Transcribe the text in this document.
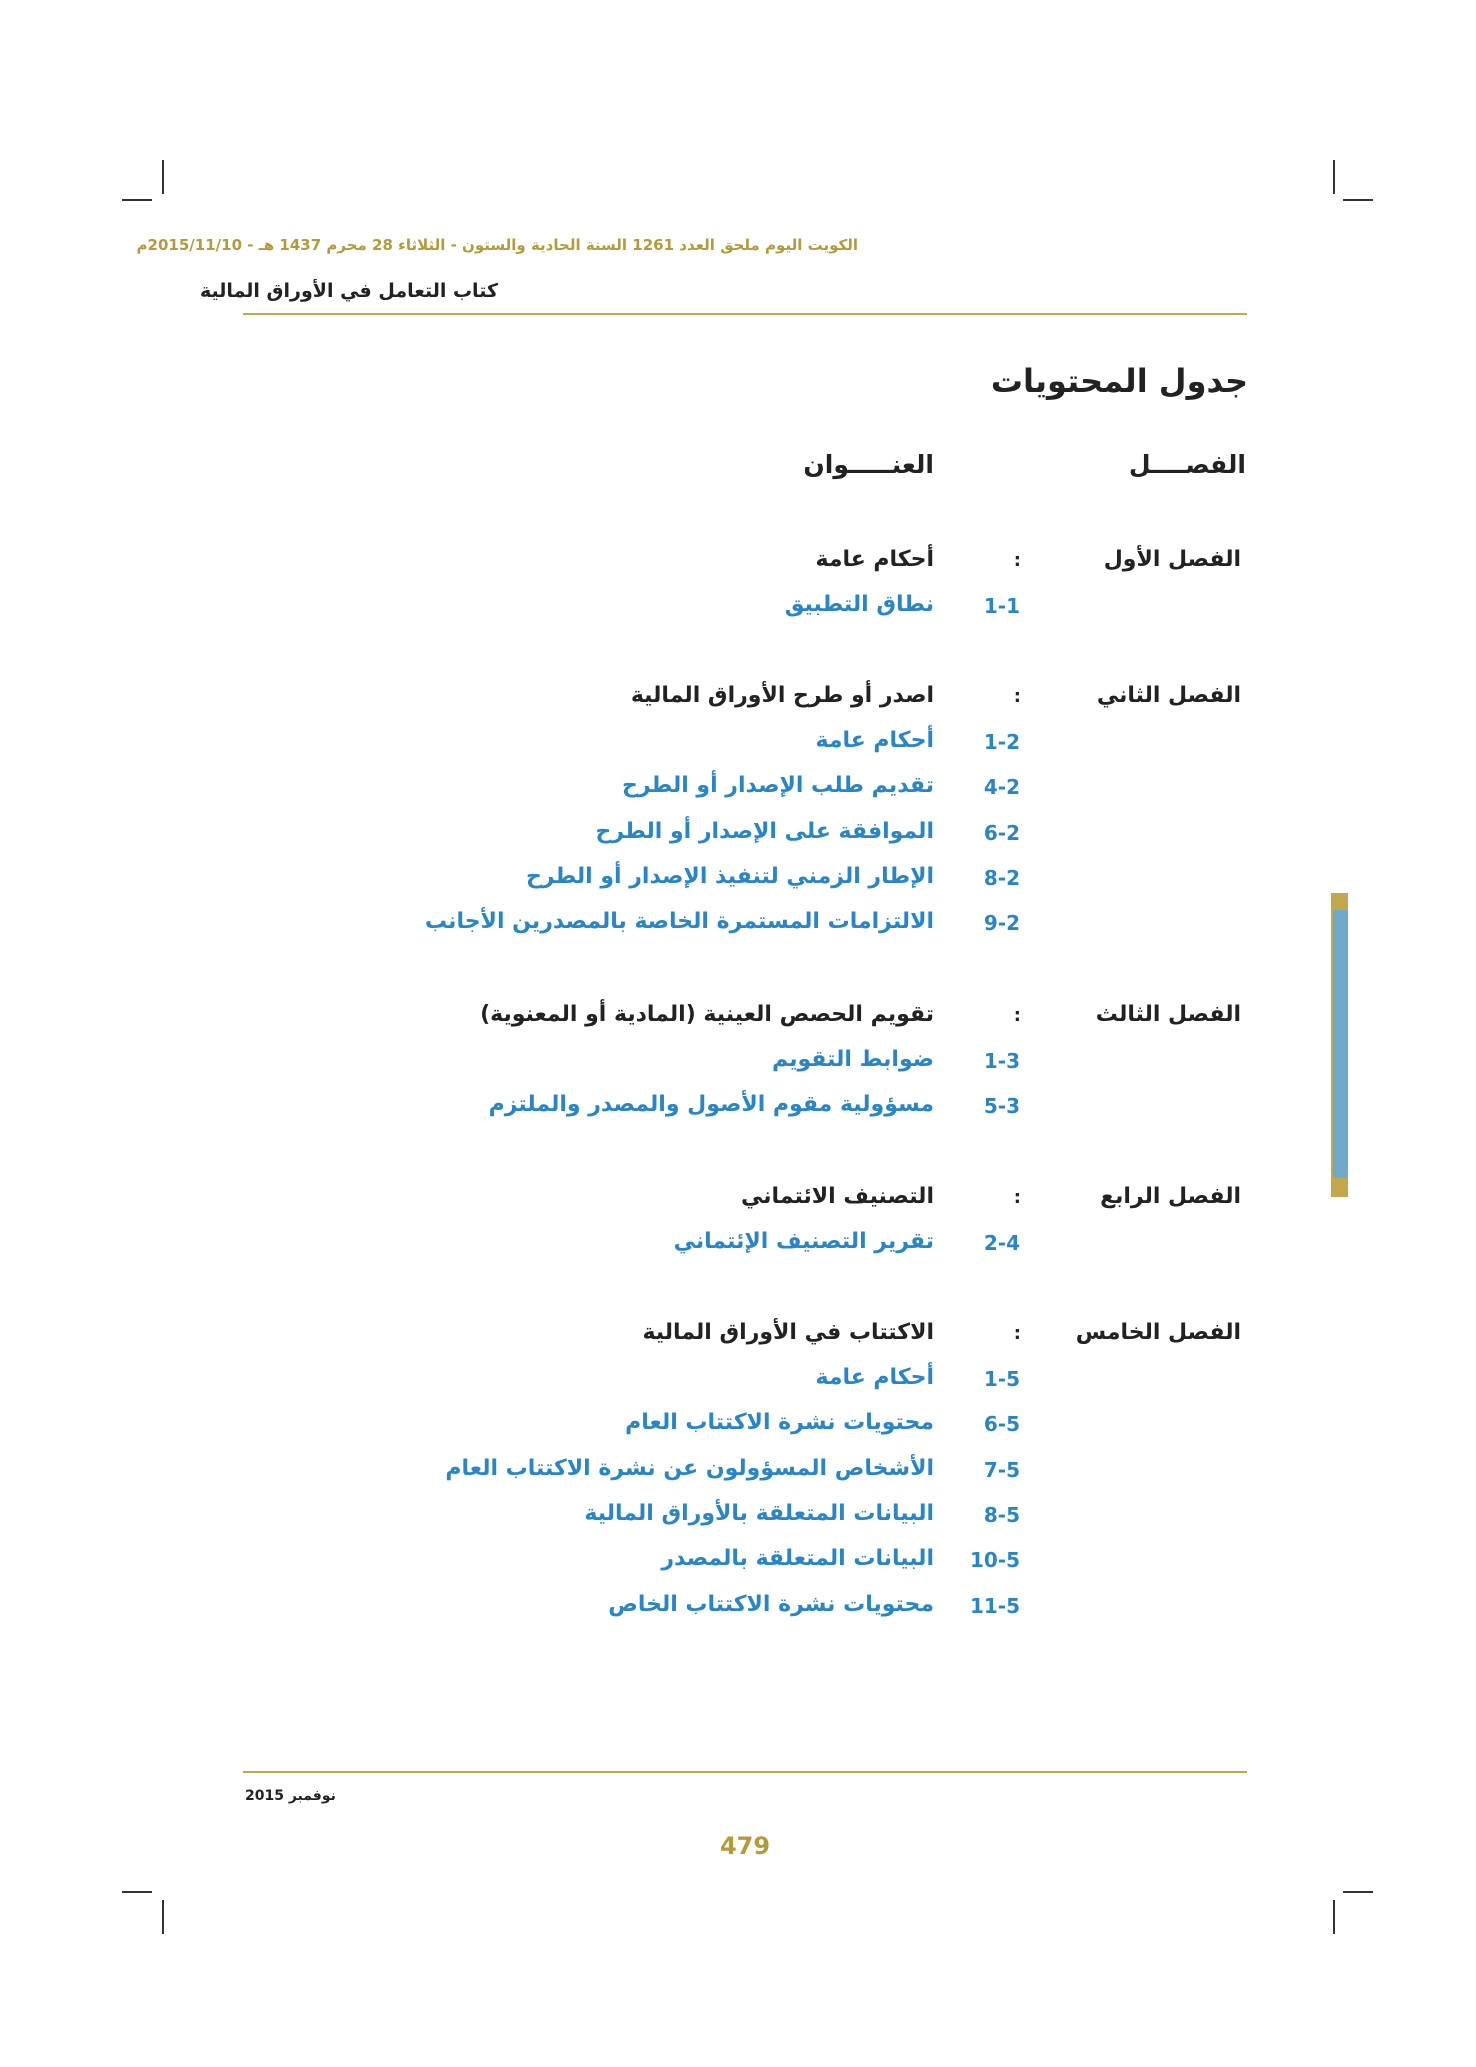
الكويت اليوم ملحق العدد 1261 السنة الحادية والستون - الثلاثاء 28 محرم 1437 هـ - 2015/11/10م
كتاب التعامل في الأوراق المالية
جدول المحتويات
الفصــــل
العنـــــوان
الفصل الأول
:
أحكام عامة
1-1
نطاق التطبيق
الفصل الثاني
:
اصدر أو طرح الأوراق المالية
1-2
أحكام عامة
4-2
تقديم طلب الإصدار أو الطرح
6-2
الموافقة على الإصدار أو الطرح
8-2
الإطار الزمني لتنفيذ الإصدار أو الطرح
9-2
الالتزامات المستمرة الخاصة بالمصدرين الأجانب
الفصل الثالث
:
تقويم الحصص العينية (المادية أو المعنوية)
1-3
ضوابط التقويم
5-3
مسؤولية مقوم الأصول والمصدر والملتزم
الفصل الرابع
:
التصنيف الائتماني
2-4
تقرير التصنيف الإئتماني
الفصل الخامس
:
الاكتتاب في الأوراق المالية
1-5
أحكام عامة
6-5
محتويات نشرة الاكتتاب العام
7-5
الأشخاص المسؤولون عن نشرة الاكتتاب العام
8-5
البيانات المتعلقة بالأوراق المالية
10-5
البيانات المتعلقة بالمصدر
11-5
محتويات نشرة الاكتتاب الخاص
نوفمبر 2015
479
